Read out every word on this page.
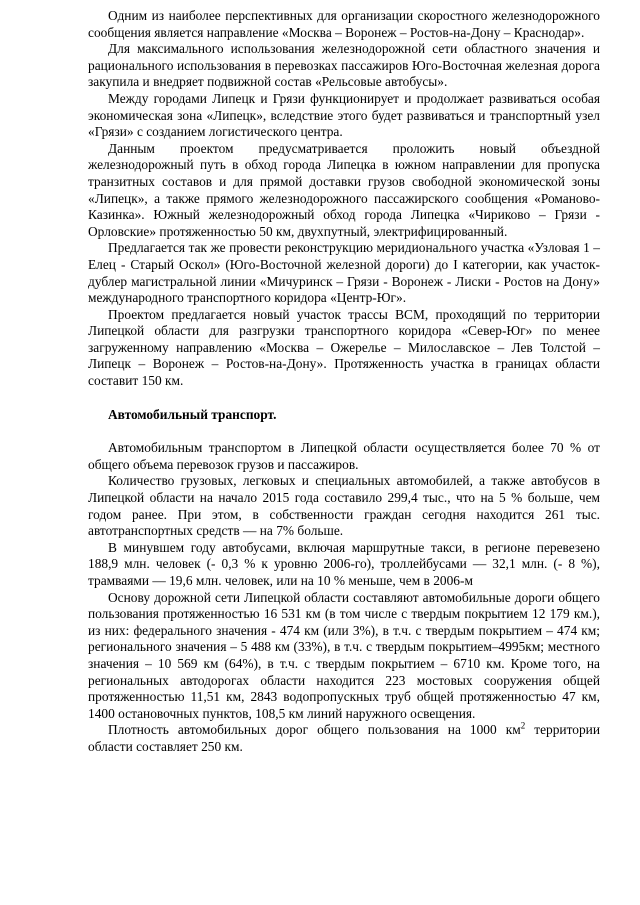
Одним из наиболее перспективных для организации скоростного железнодорожного сообщения является направление «Москва – Воронеж – Ростов-на-Дону – Краснодар».

Для максимального использования железнодорожной сети областного значения и рационального использования в перевозках пассажиров Юго-Восточная железная дорога закупила и внедряет подвижной состав «Рельсовые автобусы».

Между городами Липецк и Грязи функционирует и продолжает развиваться особая экономическая зона «Липецк», вследствие этого будет развиваться и транспортный узел «Грязи» с созданием логистического центра.

Данным проектом предусматривается проложить новый объездной железнодорожный путь в обход города Липецка в южном направлении для пропуска транзитных составов и для прямой доставки грузов свободной экономической зоны «Липецк», а также прямого железнодорожного пассажирского сообщения «Романово-Казинка». Южный железнодорожный обход города Липецка «Чириково – Грязи - Орловские» протяженностью 50 км, двухпутный, электрифицированный.

Предлагается так же провести реконструкцию меридионального участка «Узловая 1 – Елец - Старый Оскол» (Юго-Восточной железной дороги) до I категории, как участок-дублер магистральной линии «Мичуринск – Грязи - Воронеж - Лиски - Ростов на Дону» международного транспортного коридора «Центр-Юг».

Проектом предлагается новый участок трассы ВСМ, проходящий по территории Липецкой области для разгрузки транспортного коридора «Север-Юг» по менее загруженному направлению «Москва – Ожерелье – Милославское – Лев Толстой – Липецк – Воронеж – Ростов-на-Дону». Протяженность участка в границах области составит 150 км.

Автомобильный транспорт.

Автомобильным транспортом в Липецкой области осуществляется более 70 % от общего объема перевозок грузов и пассажиров.

Количество грузовых, легковых и специальных автомобилей, а также автобусов в Липецкой области на начало 2015 года составило 299,4 тыс., что на 5 % больше, чем годом ранее. При этом, в собственности граждан сегодня находится 261 тыс. автотранспортных средств — на 7% больше.

В минувшем году автобусами, включая маршрутные такси, в регионе перевезено 188,9 млн. человек (- 0,3 % к уровню 2006-го), троллейбусами — 32,1 млн. (- 8 %), трамваями — 19,6 млн. человек, или на 10 % меньше, чем в 2006-м

Основу дорожной сети Липецкой области составляют автомобильные дороги общего пользования протяженностью 16 531 км (в том числе с твердым покрытием 12 179 км.), из них: федерального значения - 474 км (или 3%), в т.ч. с твердым покрытием – 474 км; регионального значения – 5 488 км (33%), в т.ч. с твердым покрытием–4995км; местного значения – 10 569 км (64%), в т.ч. с твердым покрытием – 6710 км. Кроме того, на региональных автодорогах области находится 223 мостовых сооружения общей протяженностью 11,51 км, 2843 водопропускных труб общей протяженностью 47 км, 1400 остановочных пунктов, 108,5 км линий наружного освещения.

Плотность автомобильных дорог общего пользования на 1000 $км^2$ территории области составляет 250 км.
